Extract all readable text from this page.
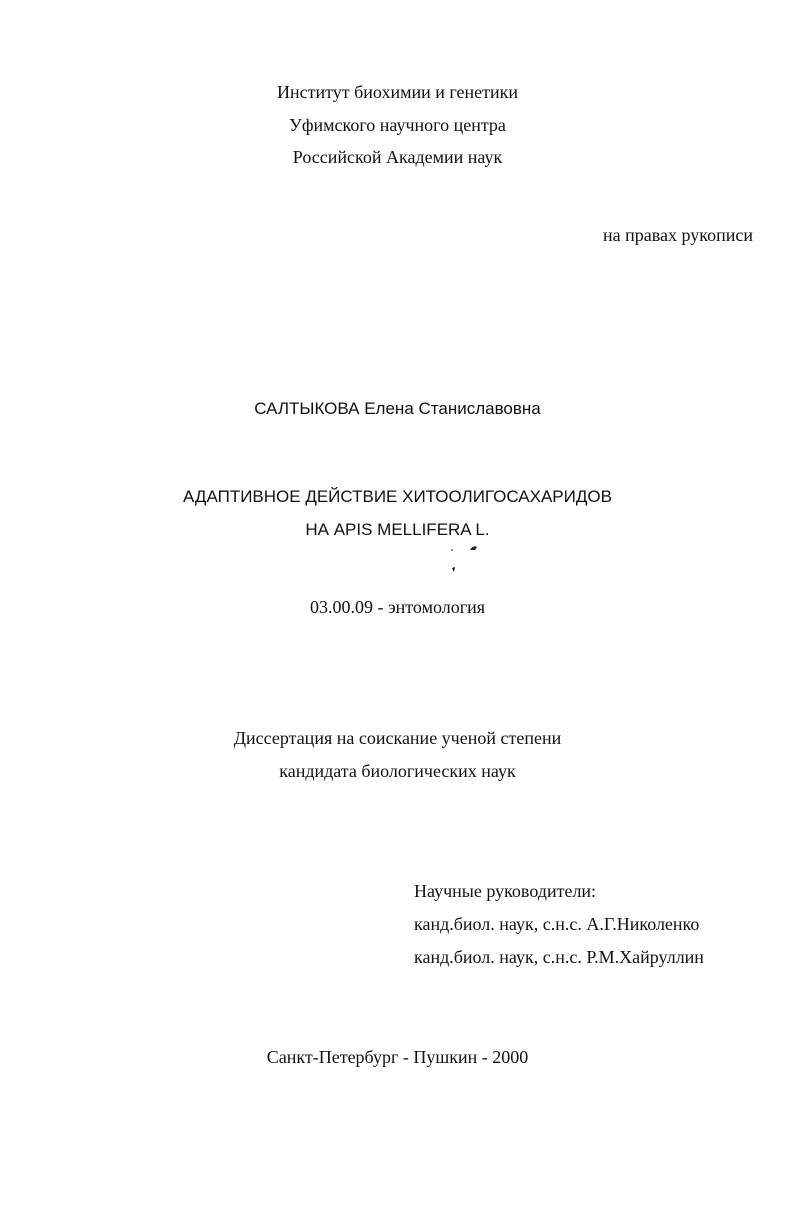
Институт биохимии и генетики
Уфимского научного центра
Российской Академии наук
на правах рукописи
САЛТЫКОВА Елена Станиславовна
АДАПТИВНОЕ ДЕЙСТВИЕ ХИТООЛИГОСАХАРИДОВ
НА APIS MELLIFERA L.
03.00.09 - энтомология
Диссертация на соискание ученой степени
кандидата биологических наук
Научные руководители:
канд.биол. наук, с.н.с. А.Г.Николенко
канд.биол. наук, с.н.с. Р.М.Хайруллин
Санкт-Петербург - Пушкин - 2000
